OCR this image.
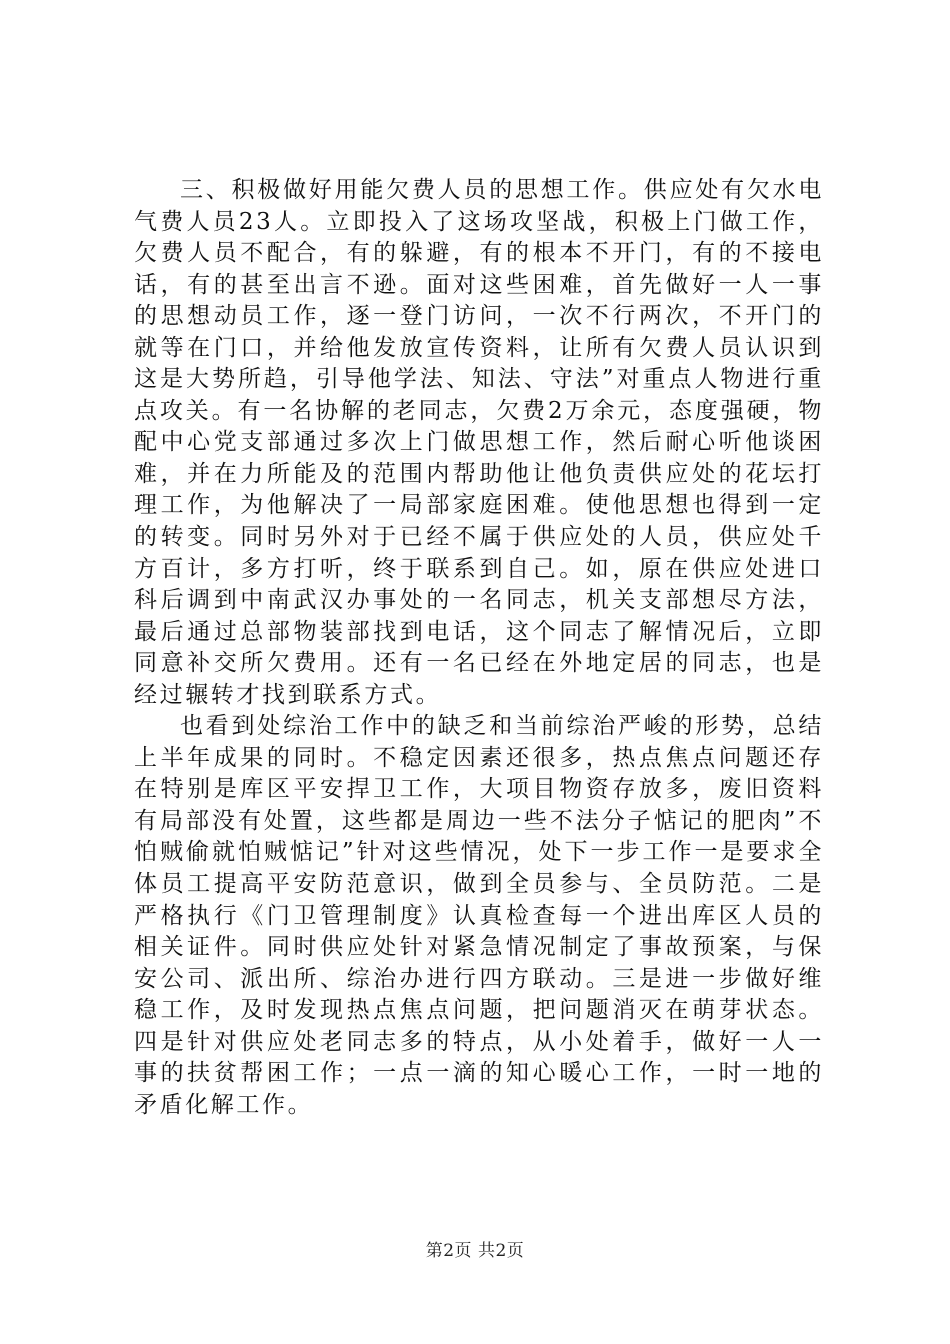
三、积极做好用能欠费人员的思想工作。供应处有欠水电气费人员23人。立即投入了这场攻坚战，积极上门做工作，欠费人员不配合，有的躲避，有的根本不开门，有的不接电话，有的甚至出言不逊。面对这些困难，首先做好一人一事的思想动员工作，逐一登门访问，一次不行两次，不开门的就等在门口，并给他发放宣传资料，让所有欠费人员认识到这是大势所趋，引导他学法、知法、守法”对重点人物进行重点攻关。有一名协解的老同志，欠费2万余元，态度强硬，物配中心党支部通过多次上门做思想工作，然后耐心听他谈困难，并在力所能及的范围内帮助他让他负责供应处的花坛打理工作，为他解决了一局部家庭困难。使他思想也得到一定的转变。同时另外对于已经不属于供应处的人员，供应处千方百计，多方打听，终于联系到自己。如，原在供应处进口科后调到中南武汉办事处的一名同志，机关支部想尽方法，最后通过总部物装部找到电话，这个同志了解情况后，立即同意补交所欠费用。还有一名已经在外地定居的同志，也是经过辗转才找到联系方式。

也看到处综治工作中的缺乏和当前综治严峻的形势，总结上半年成果的同时。不稳定因素还很多，热点焦点问题还存在特别是库区平安捍卫工作，大项目物资存放多，废旧资料有局部没有处置，这些都是周边一些不法分子惦记的肥肉”不怕贼偷就怕贼惦记”针对这些情况，处下一步工作一是要求全体员工提高平安防范意识，做到全员参与、全员防范。二是严格执行《门卫管理制度》认真检查每一个进出库区人员的相关证件。同时供应处针对紧急情况制定了事故预案，与保安公司、派出所、综治办进行四方联动。三是进一步做好维稳工作，及时发现热点焦点问题，把问题消灭在萌芽状态。四是针对供应处老同志多的特点，从小处着手，做好一人一事的扶贫帮困工作；一点一滴的知心暖心工作，一时一地的矛盾化解工作。

第2页 共2页
